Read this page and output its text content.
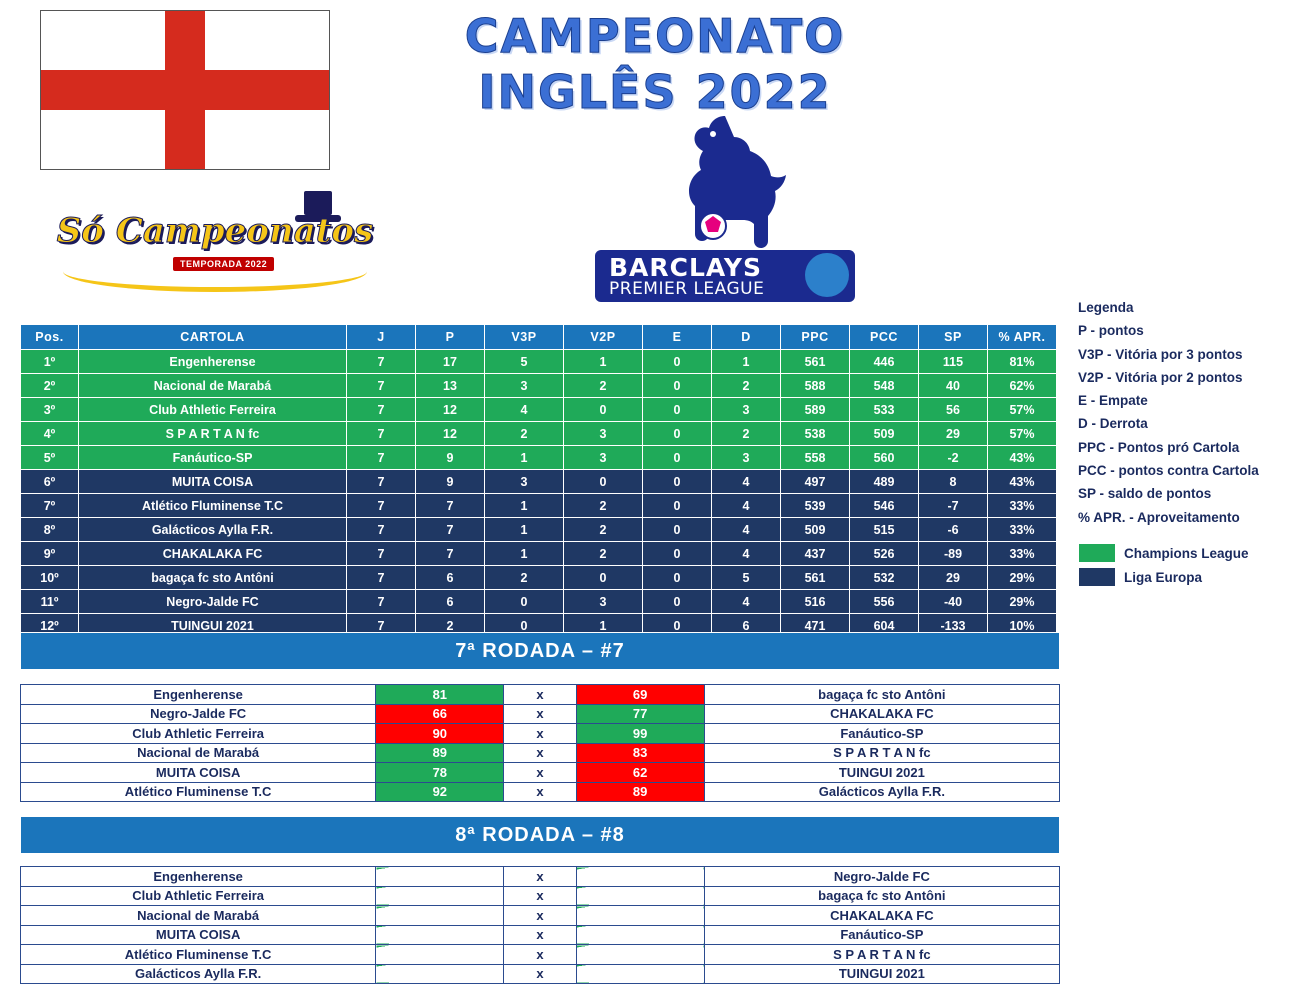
CAMPEONATO
INGLÊS 2022
Só Campeonatos
TEMPORADA 2022	BARCLAYS
PREMIER LEAGUE
Legenda
P - pontos
V3P - Vitória por 3 pontos
V2P - Vitória por 2 pontos
E - Empate
D - Derrota
PPC - Pontos pró Cartola
PCC - pontos contra Cartola
SP - saldo de pontos
% APR. - Aproveitamento
Champions League
Liga Europa
Pos.	CARTOLA	J	P	V3P	V2P	E	D	PPC	PCC	SP	% APR.
1º	Engenherense	7	17	5	1	0	1	561	446	115	81%
2º	Nacional de Marabá	7	13	3	2	0	2	588	548	40	62%
3º	Club Athletic Ferreira	7	12	4	0	0	3	589	533	56	57%
4º	S P A R T A N fc	7	12	2	3	0	2	538	509	29	57%
5º	Fanáutico-SP	7	9	1	3	0	3	558	560	-2	43%
6º	MUITA COISA	7	9	3	0	0	4	497	489	8	43%
7º	Atlético Fluminense T.C	7	7	1	2	0	4	539	546	-7	33%
8º	Galácticos Aylla F.R.	7	7	1	2	0	4	509	515	-6	33%
9º	CHAKALAKA FC	7	7	1	2	0	4	437	526	-89	33%
10º	bagaça fc sto Antôni	7	6	2	0	0	5	561	532	29	29%
11º	Negro-Jalde FC	7	6	0	3	0	4	516	556	-40	29%
12º	TUINGUI 2021	7	2	0	1	0	6	471	604	-133	10%
7ª RODADA – #7
Engenherense	81	x	69	bagaça fc sto Antôni
Negro-Jalde FC	66	x	77	CHAKALAKA FC
Club Athletic Ferreira	90	x	99	Fanáutico-SP
Nacional de Marabá	89	x	83	S P A R T A N fc
MUITA COISA	78	x	62	TUINGUI 2021
Atlético Fluminense T.C	92	x	89	Galácticos Aylla F.R.
8ª RODADA – #8
Engenherense		x		Negro-Jalde FC
Club Athletic Ferreira		x		bagaça fc sto Antôni
Nacional de Marabá		x		CHAKALAKA FC
MUITA COISA		x		Fanáutico-SP
Atlético Fluminense T.C		x		S P A R T A N fc
Galácticos Aylla F.R.		x		TUINGUI 2021
